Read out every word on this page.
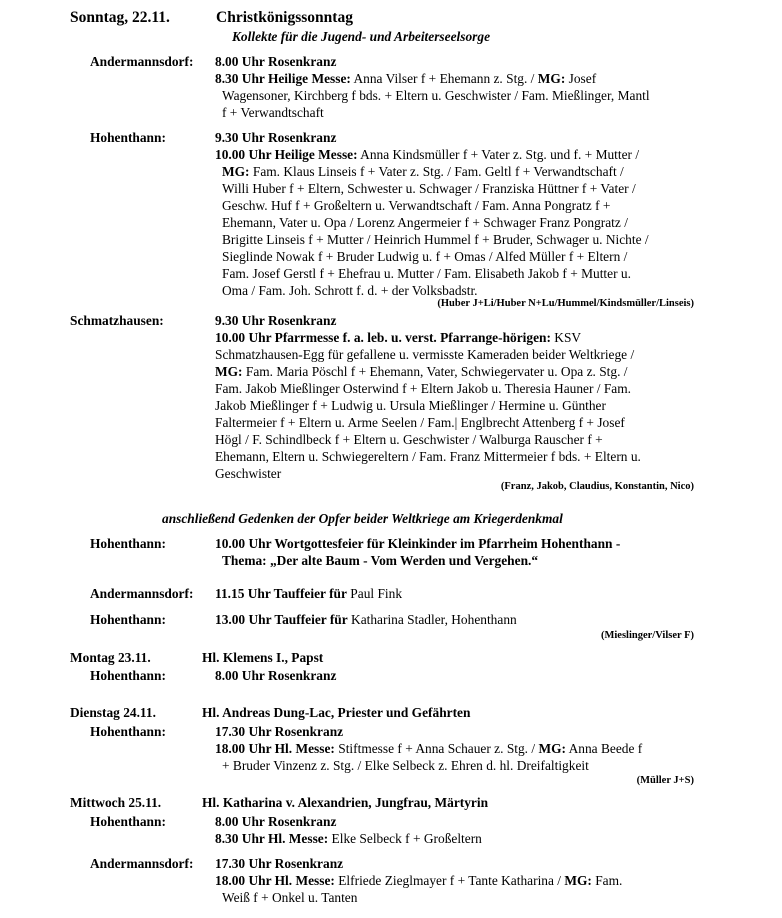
Sonntag, 22.11.	Christkönigssonntag
Kollekte für die Jugend- und Arbeiterseelsorge
Andermannsdorf: 8.00 Uhr Rosenkranz
8.30 Uhr Heilige Messe: Anna Vilser f + Ehemann z. Stg. / MG: Josef
Wagensoner, Kirchberg f bds. + Eltern u. Geschwister / Fam. Mießlinger, Mantl
f + Verwandtschaft
Hohenthann:	9.30 Uhr Rosenkranz
10.00 Uhr Heilige Messe: Anna Kindsmüller f + Vater z. Stg. und f. + Mutter /
MG: Fam. Klaus Linseis f + Vater z. Stg. / Fam. Geltl f + Verwandtschaft /
Willi Huber f + Eltern, Schwester u. Schwager / Franziska Hüttner f + Vater /
Geschw. Huf f + Großeltern u. Verwandtschaft / Fam. Anna Pongratz f +
Ehemann, Vater u. Opa / Lorenz Angermeier f + Schwager Franz Pongratz /
Brigitte Linseis f + Mutter / Heinrich Hummel f + Bruder, Schwager u. Nichte /
Sieglinde Nowak f + Bruder Ludwig u. f + Omas / Alfed Müller f + Eltern /
Fam. Josef Gerstl f + Ehefrau u. Mutter / Fam. Elisabeth Jakob f + Mutter u.
Oma / Fam. Joh. Schrott f. d. + der Volksbadstr.
(Huber J+Li/Huber N+Lu/Hummel/Kindsmüller/Linseis)
Schmatzhausen:	9.30 Uhr Rosenkranz
10.00 Uhr Pfarrmesse f. a. leb. u. verst. Pfarrange-hörigen: KSV
Schmatzhausen-Egg für gefallene u. vermisste Kameraden beider Weltkriege /
MG: Fam. Maria Pöschl f + Ehemann, Vater, Schwiegervater u. Opa z. Stg. /
Fam. Jakob Mießlinger Osterwind f + Eltern Jakob u. Theresia Hauner / Fam.
Jakob Mießlinger f + Ludwig u. Ursula Mießlinger / Hermine u. Günther
Faltermeier f + Eltern u. Arme Seelen / Fam.| Englbrecht Attenberg f + Josef
Högl / F. Schindlbeck f + Eltern u. Geschwister / Walburga Rauscher f +
Ehemann, Eltern u. Schwiegereltern / Fam. Franz Mittermeier f bds. + Eltern u.
Geschwister
(Franz, Jakob, Claudius, Konstantin, Nico)
anschließend Gedenken der Opfer beider Weltkriege am Kriegerdenkmal
Hohenthann:	10.00 Uhr Wortgottesfeier für Kleinkinder im Pfarrheim Hohenthann -
Thema: „Der alte Baum - Vom Werden und Vergehen.“
Andermannsdorf: 11.15 Uhr Tauffeier für Paul Fink
Hohenthann:	13.00 Uhr Tauffeier für Katharina Stadler, Hohenthann
(Mieslinger/Vilser F)
Montag 23.11.	Hl. Klemens I., Papst
Hohenthann:	8.00 Uhr Rosenkranz
Dienstag 24.11.	Hl. Andreas Dung-Lac, Priester und Gefährten
Hohenthann:	17.30 Uhr Rosenkranz
18.00 Uhr Hl. Messe: Stiftmesse f + Anna Schauer z. Stg. / MG: Anna Beede f
+ Bruder Vinzenz z. Stg. / Elke Selbeck z. Ehren d. hl. Dreifaltigkeit
(Müller J+S)
Mittwoch 25.11.	Hl. Katharina v. Alexandrien, Jungfrau, Märtyrin
Hohenthann:	8.00 Uhr Rosenkranz
8.30 Uhr Hl. Messe: Elke Selbeck f + Großeltern
Andermannsdorf: 17.30 Uhr Rosenkranz
18.00 Uhr Hl. Messe: Elfriede Zieglmayer f + Tante Katharina / MG: Fam.
Weiß f + Onkel u. Tanten
